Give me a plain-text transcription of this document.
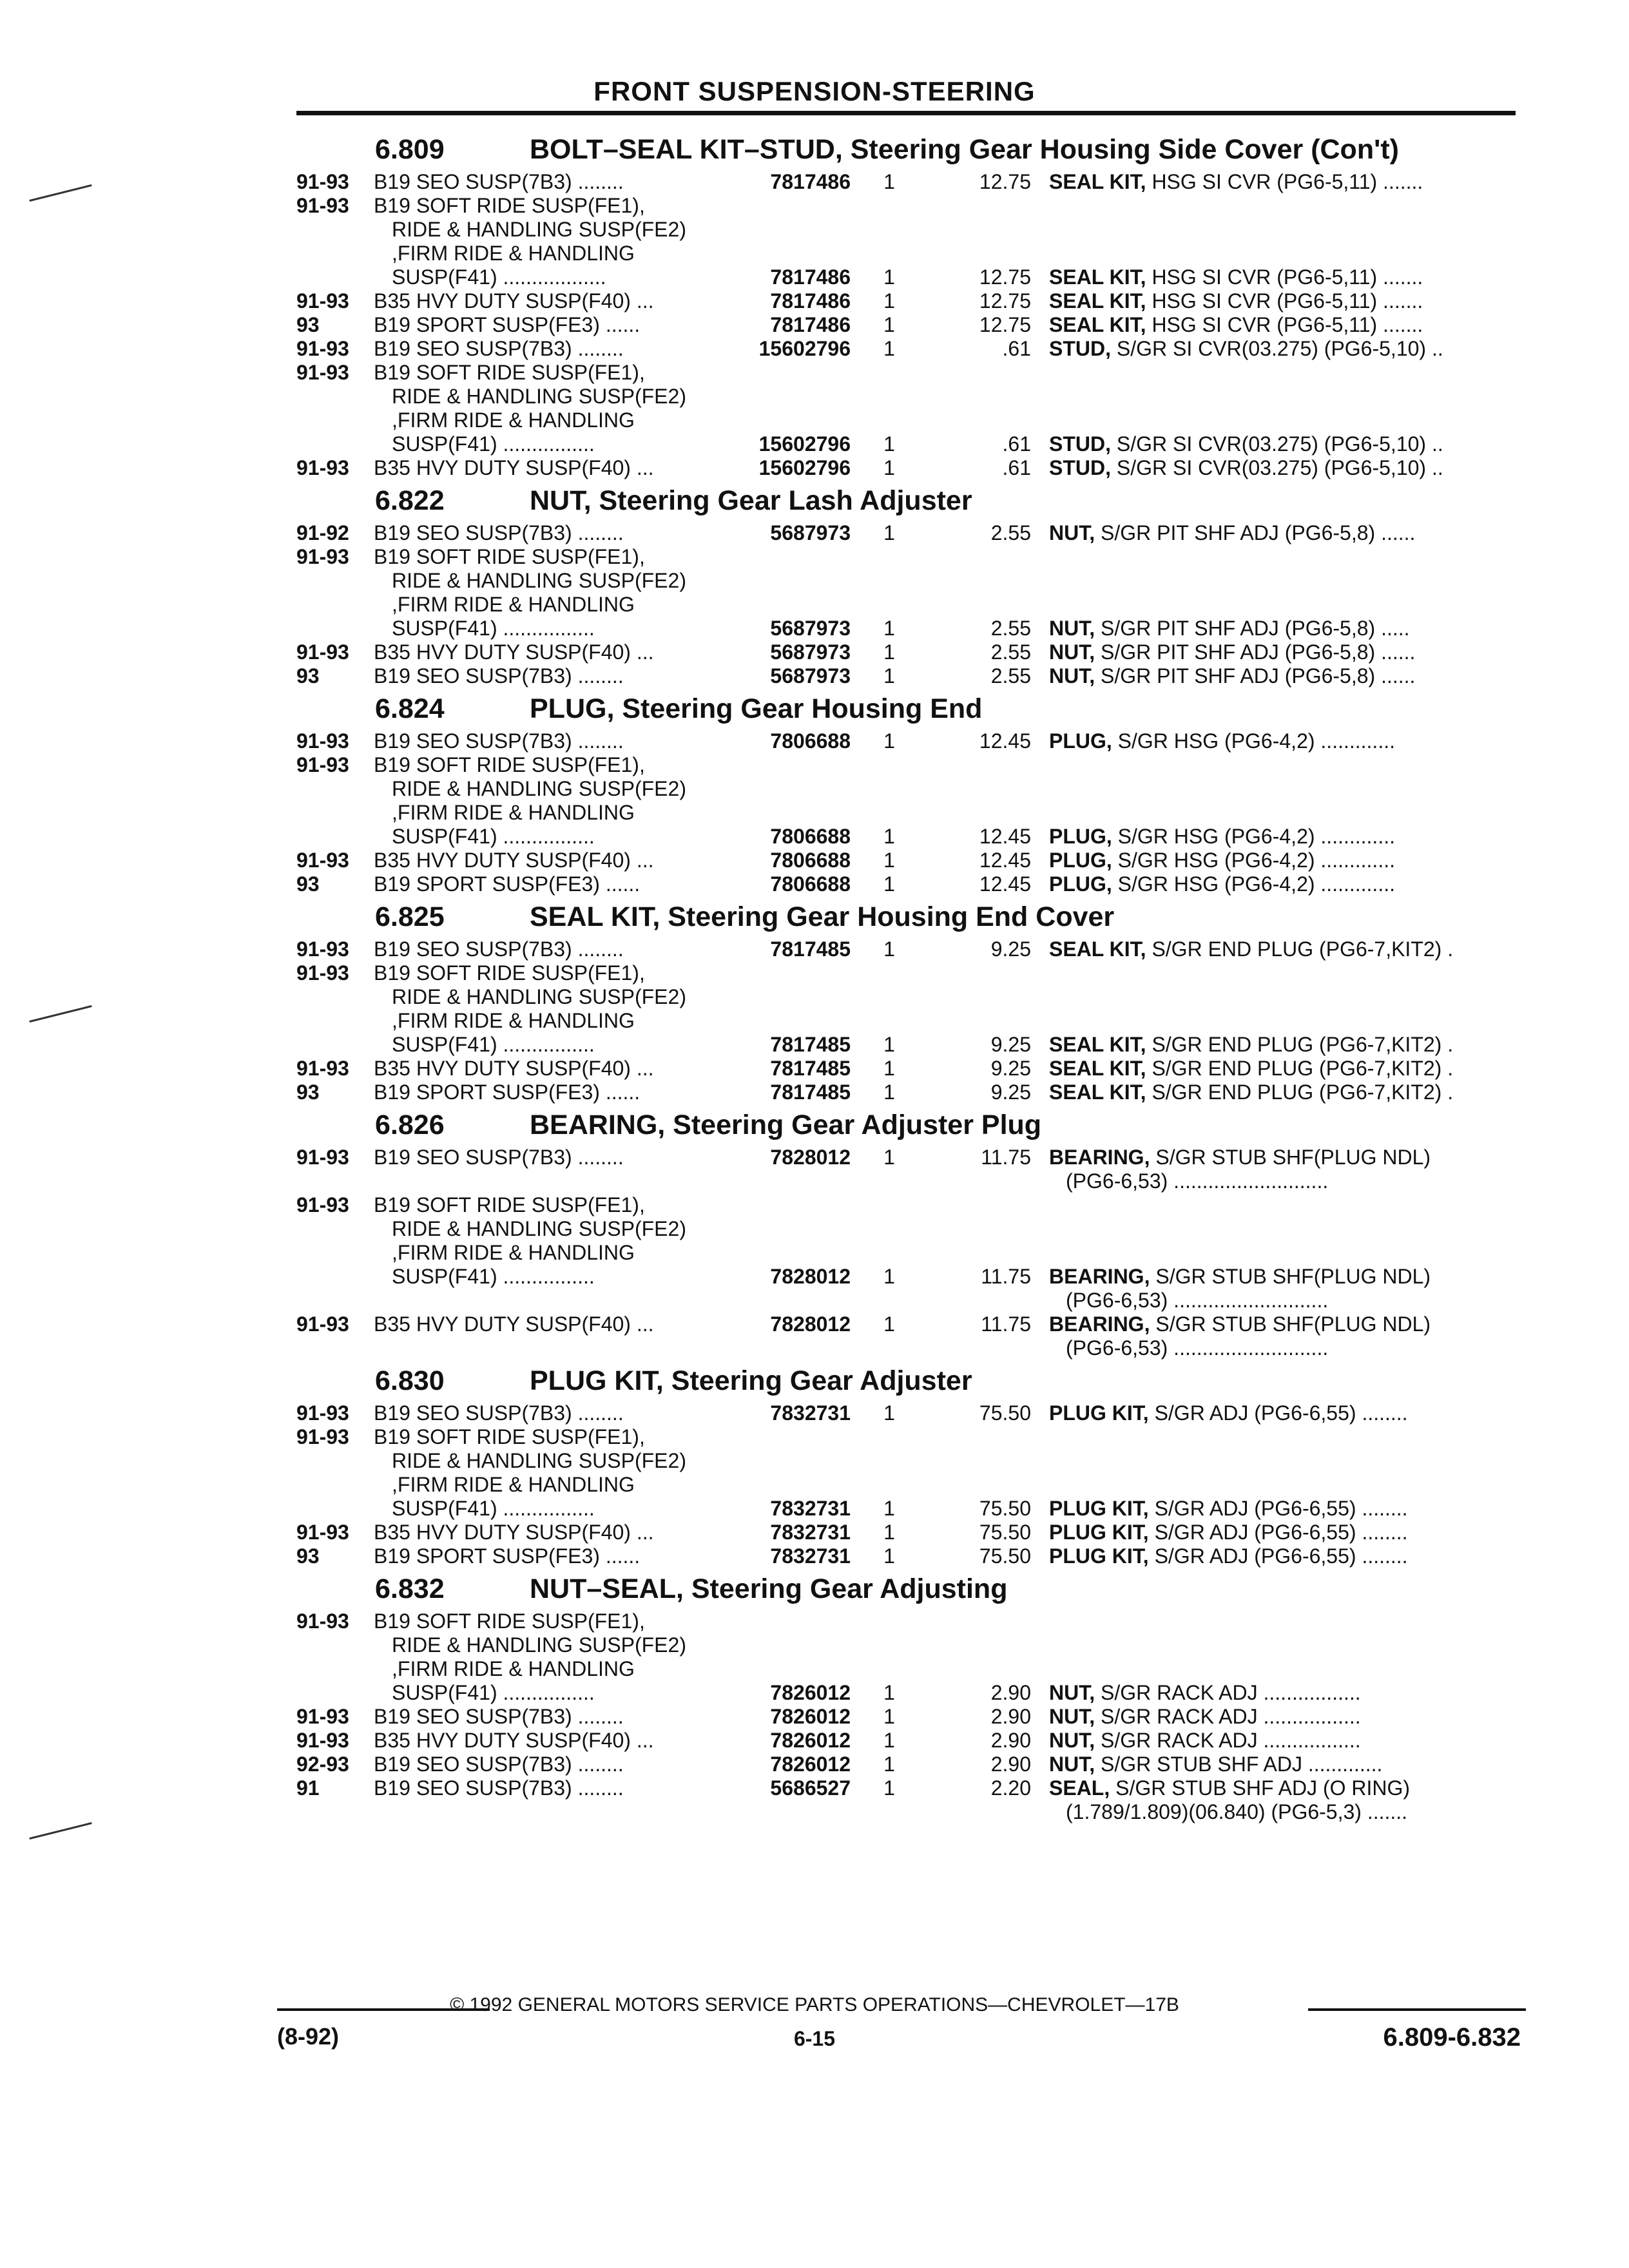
FRONT SUSPENSION-STEERING
6.809	BOLT–SEAL KIT–STUD, Steering Gear Housing Side Cover (Con't)
91-93 B19 SEO SUSP(7B3) ........	7817486	1	12.75 SEAL KIT, HSG SI CVR (PG6-5,11) .......
91-93 B19 SOFT RIDE SUSP(FE1),
RIDE & HANDLING SUSP(FE2)
,FIRM RIDE & HANDLING
SUSP(F41) ..................	7817486	1	12.75 SEAL KIT, HSG SI CVR (PG6-5,11) .......
91-93 B35 HVY DUTY SUSP(F40) ...	7817486	1	12.75 SEAL KIT, HSG SI CVR (PG6-5,11) .......
93	B19 SPORT SUSP(FE3) ......	7817486	1	12.75 SEAL KIT, HSG SI CVR (PG6-5,11) .......
91-93 B19 SEO SUSP(7B3) ........	15602796	1	.61 STUD, S/GR SI CVR(03.275) (PG6-5,10) ..
91-93 B19 SOFT RIDE SUSP(FE1),
RIDE & HANDLING SUSP(FE2)
,FIRM RIDE & HANDLING
SUSP(F41) ................	15602796	1	.61 STUD, S/GR SI CVR(03.275) (PG6-5,10) ..
91-93 B35 HVY DUTY SUSP(F40) ...	15602796	1	.61 STUD, S/GR SI CVR(03.275) (PG6-5,10) ..
6.822	NUT, Steering Gear Lash Adjuster
91-92 B19 SEO SUSP(7B3) ........	5687973	1	2.55 NUT, S/GR PIT SHF ADJ (PG6-5,8) ......
91-93 B19 SOFT RIDE SUSP(FE1),
RIDE & HANDLING SUSP(FE2)
,FIRM RIDE & HANDLING
SUSP(F41) ................	5687973	1	2.55 NUT, S/GR PIT SHF ADJ (PG6-5,8) .....
91-93 B35 HVY DUTY SUSP(F40) ...	5687973	1	2.55 NUT, S/GR PIT SHF ADJ (PG6-5,8) ......
93	B19 SEO SUSP(7B3) ........	5687973	1	2.55 NUT, S/GR PIT SHF ADJ (PG6-5,8) ......
6.824	PLUG, Steering Gear Housing End
91-93 B19 SEO SUSP(7B3) ........	7806688	1	12.45 PLUG, S/GR HSG (PG6-4,2) .............
91-93 B19 SOFT RIDE SUSP(FE1),
RIDE & HANDLING SUSP(FE2)
,FIRM RIDE & HANDLING
SUSP(F41) ................	7806688	1	12.45 PLUG, S/GR HSG (PG6-4,2) .............
91-93 B35 HVY DUTY SUSP(F40) ...	7806688	1	12.45 PLUG, S/GR HSG (PG6-4,2) .............
93	B19 SPORT SUSP(FE3) ......	7806688	1	12.45 PLUG, S/GR HSG (PG6-4,2) .............
6.825	SEAL KIT, Steering Gear Housing End Cover
91-93 B19 SEO SUSP(7B3) ........	7817485	1	9.25 SEAL KIT, S/GR END PLUG (PG6-7,KIT2) .
91-93 B19 SOFT RIDE SUSP(FE1),
RIDE & HANDLING SUSP(FE2)
,FIRM RIDE & HANDLING
SUSP(F41) ................	7817485	1	9.25 SEAL KIT, S/GR END PLUG (PG6-7,KIT2) .
91-93 B35 HVY DUTY SUSP(F40) ...	7817485	1	9.25 SEAL KIT, S/GR END PLUG (PG6-7,KIT2) .
93	B19 SPORT SUSP(FE3) ......	7817485	1	9.25 SEAL KIT, S/GR END PLUG (PG6-7,KIT2) .
6.826	BEARING, Steering Gear Adjuster Plug
91-93 B19 SEO SUSP(7B3) ........	7828012	1	11.75 BEARING, S/GR STUB SHF(PLUG NDL)
(PG6-6,53) ...........................
91-93 B19 SOFT RIDE SUSP(FE1),
RIDE & HANDLING SUSP(FE2)
,FIRM RIDE & HANDLING
SUSP(F41) ................	7828012	1	11.75 BEARING, S/GR STUB SHF(PLUG NDL)
(PG6-6,53) ...........................
91-93 B35 HVY DUTY SUSP(F40) ...	7828012	1	11.75 BEARING, S/GR STUB SHF(PLUG NDL)
(PG6-6,53) ...........................
6.830	PLUG KIT, Steering Gear Adjuster
91-93 B19 SEO SUSP(7B3) ........	7832731	1	75.50 PLUG KIT, S/GR ADJ (PG6-6,55) ........
91-93 B19 SOFT RIDE SUSP(FE1),
RIDE & HANDLING SUSP(FE2)
,FIRM RIDE & HANDLING
SUSP(F41) ................	7832731	1	75.50 PLUG KIT, S/GR ADJ (PG6-6,55) ........
91-93 B35 HVY DUTY SUSP(F40) ...	7832731	1	75.50 PLUG KIT, S/GR ADJ (PG6-6,55) ........
93	B19 SPORT SUSP(FE3) ......	7832731	1	75.50 PLUG KIT, S/GR ADJ (PG6-6,55) ........
6.832	NUT–SEAL, Steering Gear Adjusting
91-93 B19 SOFT RIDE SUSP(FE1),
RIDE & HANDLING SUSP(FE2)
,FIRM RIDE & HANDLING
SUSP(F41) ................	7826012	1	2.90 NUT, S/GR RACK ADJ .................
91-93 B19 SEO SUSP(7B3) ........	7826012	1	2.90 NUT, S/GR RACK ADJ .................
91-93 B35 HVY DUTY SUSP(F40) ...	7826012	1	2.90 NUT, S/GR RACK ADJ .................
92-93 B19 SEO SUSP(7B3) ........	7826012	1	2.90 NUT, S/GR STUB SHF ADJ .............
91	B19 SEO SUSP(7B3) ........	5686527	1	2.20 SEAL, S/GR STUB SHF ADJ (O RING)
(1.789/1.809)(06.840) (PG6-5,3) .......
© 1992 GENERAL MOTORS SERVICE PARTS OPERATIONS—CHEVROLET—17B
(8-92)	6-15	6.809-6.832
